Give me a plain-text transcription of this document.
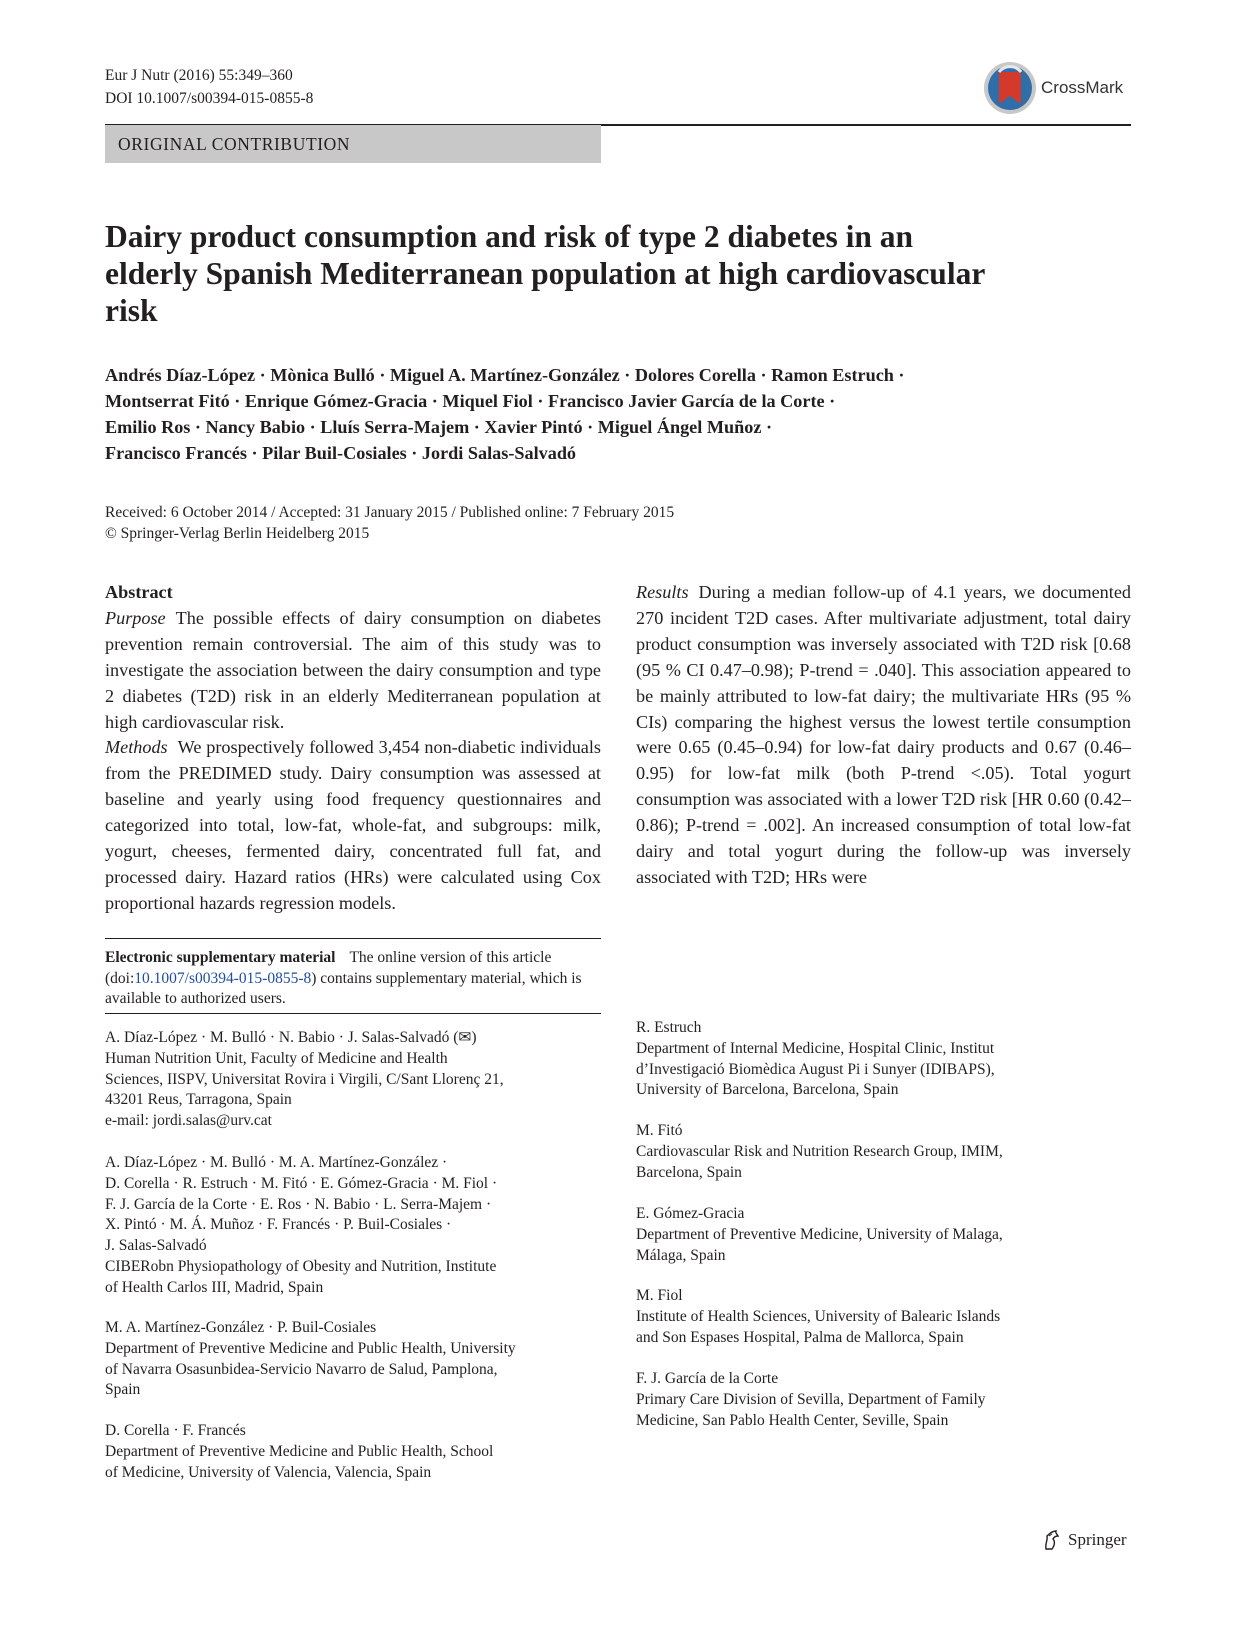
Eur J Nutr (2016) 55:349–360
DOI 10.1007/s00394-015-0855-8
CrossMark
ORIGINAL CONTRIBUTION
Dairy product consumption and risk of type 2 diabetes in an
elderly Spanish Mediterranean population at high cardiovascular
risk
Andrés Díaz-López · Mònica Bulló · Miguel A. Martínez-González · Dolores Corella · Ramon Estruch ·
Montserrat Fitó · Enrique Gómez-Gracia · Miquel Fiol · Francisco Javier García de la Corte ·
Emilio Ros · Nancy Babio · Lluís Serra-Majem · Xavier Pintó · Miguel Ángel Muñoz ·
Francisco Francés · Pilar Buil-Cosiales · Jordi Salas-Salvadó
Received: 6 October 2014 / Accepted: 31 January 2015 / Published online: 7 February 2015
© Springer-Verlag Berlin Heidelberg 2015
Abstract
Purpose The possible effects of dairy consumption on diabetes prevention remain controversial. The aim of this study was to investigate the association between the dairy consumption and type 2 diabetes (T2D) risk in an elderly Mediterranean population at high cardiovascular risk.
Methods We prospectively followed 3,454 non-diabetic individuals from the PREDIMED study. Dairy consumption was assessed at baseline and yearly using food frequency questionnaires and categorized into total, low-fat, whole-fat, and subgroups: milk, yogurt, cheeses, fermented dairy, concentrated full fat, and processed dairy. Hazard ratios (HRs) were calculated using Cox proportional hazards regression models.
Results During a median follow-up of 4.1 years, we documented 270 incident T2D cases. After multivariate adjustment, total dairy product consumption was inversely associated with T2D risk [0.68 (95 % CI 0.47–0.98); P-trend = .040]. This association appeared to be mainly attributed to low-fat dairy; the multivariate HRs (95 % CIs) comparing the highest versus the lowest tertile consumption were 0.65 (0.45–0.94) for low-fat dairy products and 0.67 (0.46–0.95) for low-fat milk (both P-trend <.05). Total yogurt consumption was associated with a lower T2D risk [HR 0.60 (0.42–0.86); P-trend = .002]. An increased consumption of total low-fat dairy and total yogurt during the follow-up was inversely associated with T2D; HRs were
Electronic supplementary material The online version of this article (doi:10.1007/s00394-015-0855-8) contains supplementary material, which is available to authorized users.
A. Díaz-López · M. Bulló · N. Babio · J. Salas-Salvadó (✉)
Human Nutrition Unit, Faculty of Medicine and Health
Sciences, IISPV, Universitat Rovira i Virgili, C/Sant Llorenç 21,
43201 Reus, Tarragona, Spain
e-mail: jordi.salas@urv.cat
A. Díaz-López · M. Bulló · M. A. Martínez-González ·
D. Corella · R. Estruch · M. Fitó · E. Gómez-Gracia · M. Fiol ·
F. J. García de la Corte · E. Ros · N. Babio · L. Serra-Majem ·
X. Pintó · M. Á. Muñoz · F. Francés · P. Buil-Cosiales ·
J. Salas-Salvadó
CIBERobn Physiopathology of Obesity and Nutrition, Institute
of Health Carlos III, Madrid, Spain
M. A. Martínez-González · P. Buil-Cosiales
Department of Preventive Medicine and Public Health, University
of Navarra Osasunbidea-Servicio Navarro de Salud, Pamplona,
Spain
D. Corella · F. Francés
Department of Preventive Medicine and Public Health, School
of Medicine, University of Valencia, Valencia, Spain
R. Estruch
Department of Internal Medicine, Hospital Clinic, Institut
d’Investigació Biomèdica August Pi i Sunyer (IDIBAPS),
University of Barcelona, Barcelona, Spain
M. Fitó
Cardiovascular Risk and Nutrition Research Group, IMIM,
Barcelona, Spain
E. Gómez-Gracia
Department of Preventive Medicine, University of Malaga,
Málaga, Spain
M. Fiol
Institute of Health Sciences, University of Balearic Islands
and Son Espases Hospital, Palma de Mallorca, Spain
F. J. García de la Corte
Primary Care Division of Sevilla, Department of Family
Medicine, San Pablo Health Center, Seville, Spain
Springer
